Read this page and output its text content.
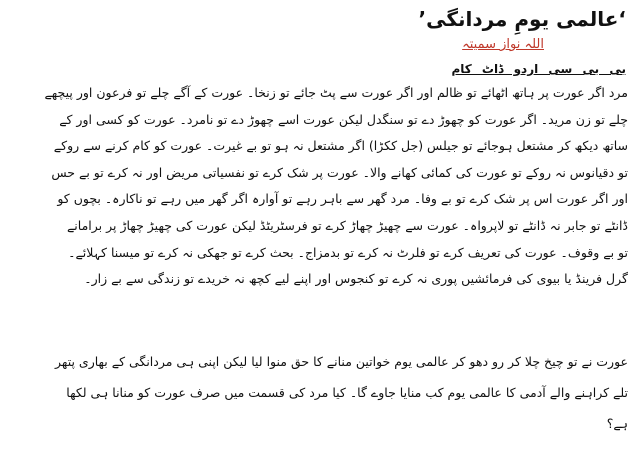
‘عالمی یومِ مردانگی’
اللہ نواز سمیتہ
بی بی سی اردو ڈاٹ کام
مرد اگر عورت پر ہاتھ اٹھائے تو ظالم اور اگر عورت سے پٹ جائے تو زنخا۔ عورت کے آگے چلے تو فرعون اور پیچھے
چلے تو زن مرید۔ اگر عورت کو چھوڑ دے تو سنگدل لیکن عورت اسے چھوڑ دے تو نامرد۔ عورت کو کسی اور کے
ساتھ دیکھ کر مشتعل ہوجائے تو جیلس (جل ککڑا) اگر مشتعل نہ ہو تو بے غیرت۔ عورت کو کام کرنے سے روکے
تو دقیانوس نہ روکے تو عورت کی کمائی کھانے والا۔ عورت پر شک کرے تو نفسیاتی مریض اور نہ کرے تو بے حس
اور اگر عورت اس پر شک کرے تو بے وفا۔ مرد گھر سے باہر رہے تو آوارہ اگر گھر میں رہے تو ناکارہ۔ بچوں کو
ڈانٹے تو جابر نہ ڈانٹے تو لاپرواہ۔ عورت سے چھیڑ چھاڑ کرے تو فرسٹریٹڈ لیکن عورت کی چھیڑ چھاڑ پر برامانے
تو بے وقوف۔ عورت کی تعریف کرے تو فلرٹ نہ کرے تو بدمزاج۔ بحث کرے تو جھکی نہ کرے تو میسنا کہلائے۔
گرل فرینڈ یا بیوی کی فرمائشیں پوری نہ کرے تو کنجوس اور اپنے لیے کچھ نہ خریدے تو زندگی سے بے زار۔
عورت نے تو چیخ چلا کر رو دھو کر عالمی یوم خواتین منانے کا حق منوا لیا لیکن اپنی ہی مردانگی کے بھاری پتھر
تلے کراہنے والے آدمی کا عالمی یوم کب منایا جاوے گا۔ کیا مرد کی قسمت میں صرف عورت کو منانا ہی لکھا
ہے؟
